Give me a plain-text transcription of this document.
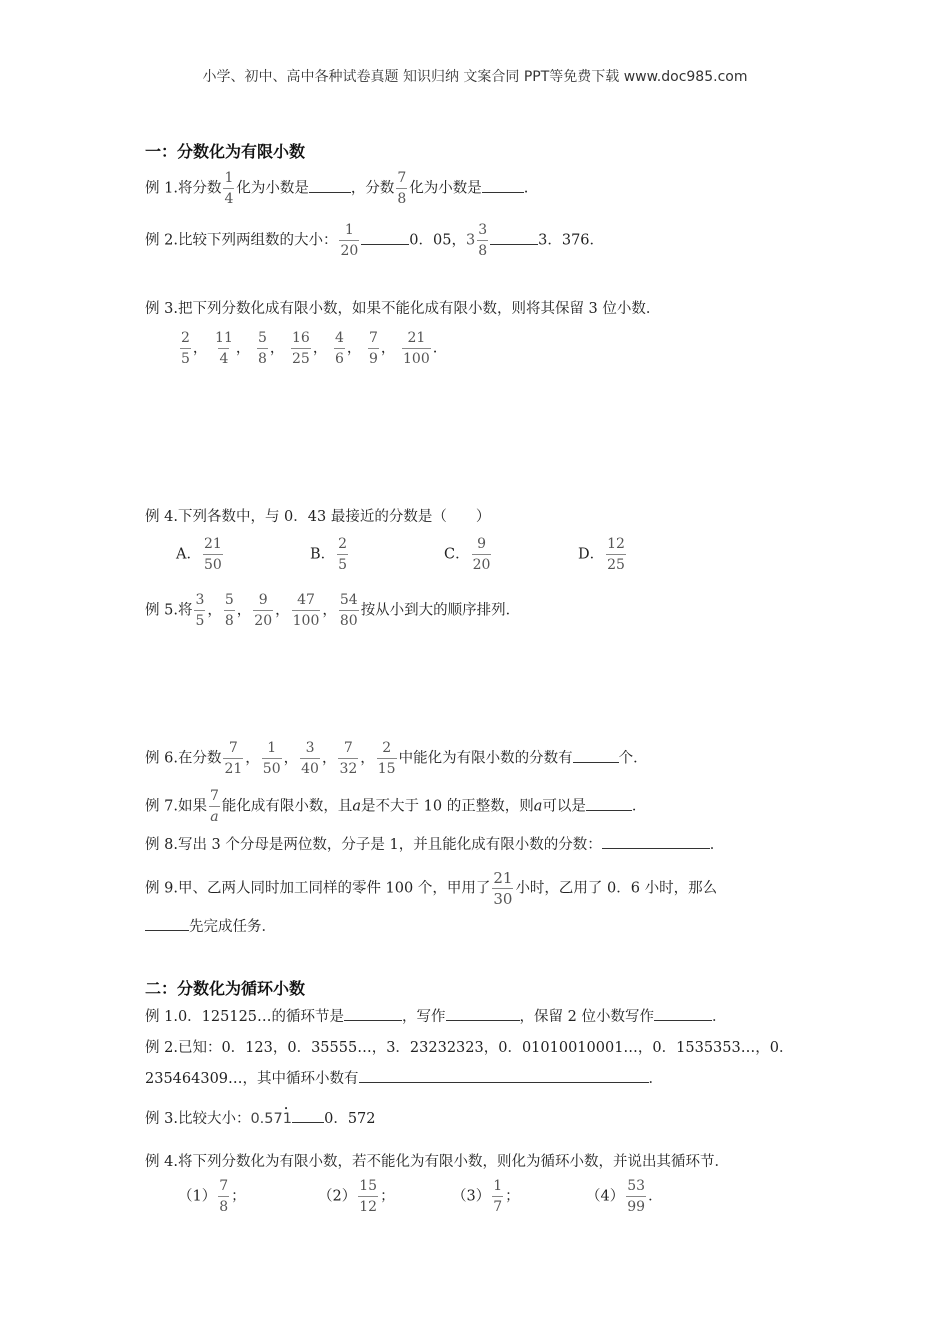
小学、初中、高中各种试卷真题 知识归纳 文案合同 PPT等免费下载 www.doc985.com
一：分数化为有限小数
例 1.将分数 $\frac{1}{4}$ 化为小数是	，分数 $\frac{7}{8}$ 化为小数是	.
例 2.比较下列两组数的大小： $\frac{1}{20}$	0．05，$3 \frac{3}{8}$	3．376．
例 3.把下列分数化成有限小数，如果不能化成有限小数，则将其保留 3 位小数．
$\frac{2}{5}$ ， $\frac{11}{4}$ ， $\frac{5}{8}$ ， $\frac{16}{25}$ ， $\frac{4}{6}$ ， $\frac{7}{9}$ ， $\frac{21}{100}$ .
例 4.下列各数中，与 0．43 最接近的分数是（　　）
A． $\frac{21}{50}$	B． $\frac{2}{5}$	C． $\frac{9}{20}$	D． $\frac{12}{25}$
例 5.将 $\frac{3}{5}$ ， $\frac{5}{8}$ ， $\frac{9}{20}$ ， $\frac{47}{100}$ ， $\frac{54}{80}$ 按从小到大的顺序排列．
例 6.在分数 $\frac{7}{21}$ ， $\frac{1}{50}$ ， $\frac{3}{40}$ ， $\frac{7}{32}$ ， $\frac{2}{15}$ 中能化为有限小数的分数有	个．
例 7.如果 $\frac{7}{a}$ 能化成有限小数，且a是不大于 10 的正整数，则a可以是	．
例 8.写出 3 个分母是两位数，分子是 1，并且能化成有限小数的分数：	．
例 9.甲、乙两人同时加工同样的零件 100 个，甲用了 $\frac{21}{30}$ 小时，乙用了 0．6 小时，那么
先完成任务．
二：分数化为循环小数
例 1.0．125125…的循环节是	，写作	，保留 2 位小数写作	．
例 2.已知：0．123，0．35555…，3．23232323，0．01010010001…，0．1535353…，0．
235464309…，其中循环小数有	．
例 3.比较大小：0.571•0．572
例 4.将下列分数化为有限小数，若不能化为有限小数，则化为循环小数，并说出其循环节．
$(1) \frac{7}{8}$ ；	$(2) \frac{15}{12}$ ；	$(3) \frac{1}{7}$ ；	$(4) \frac{53}{99}$ ．
